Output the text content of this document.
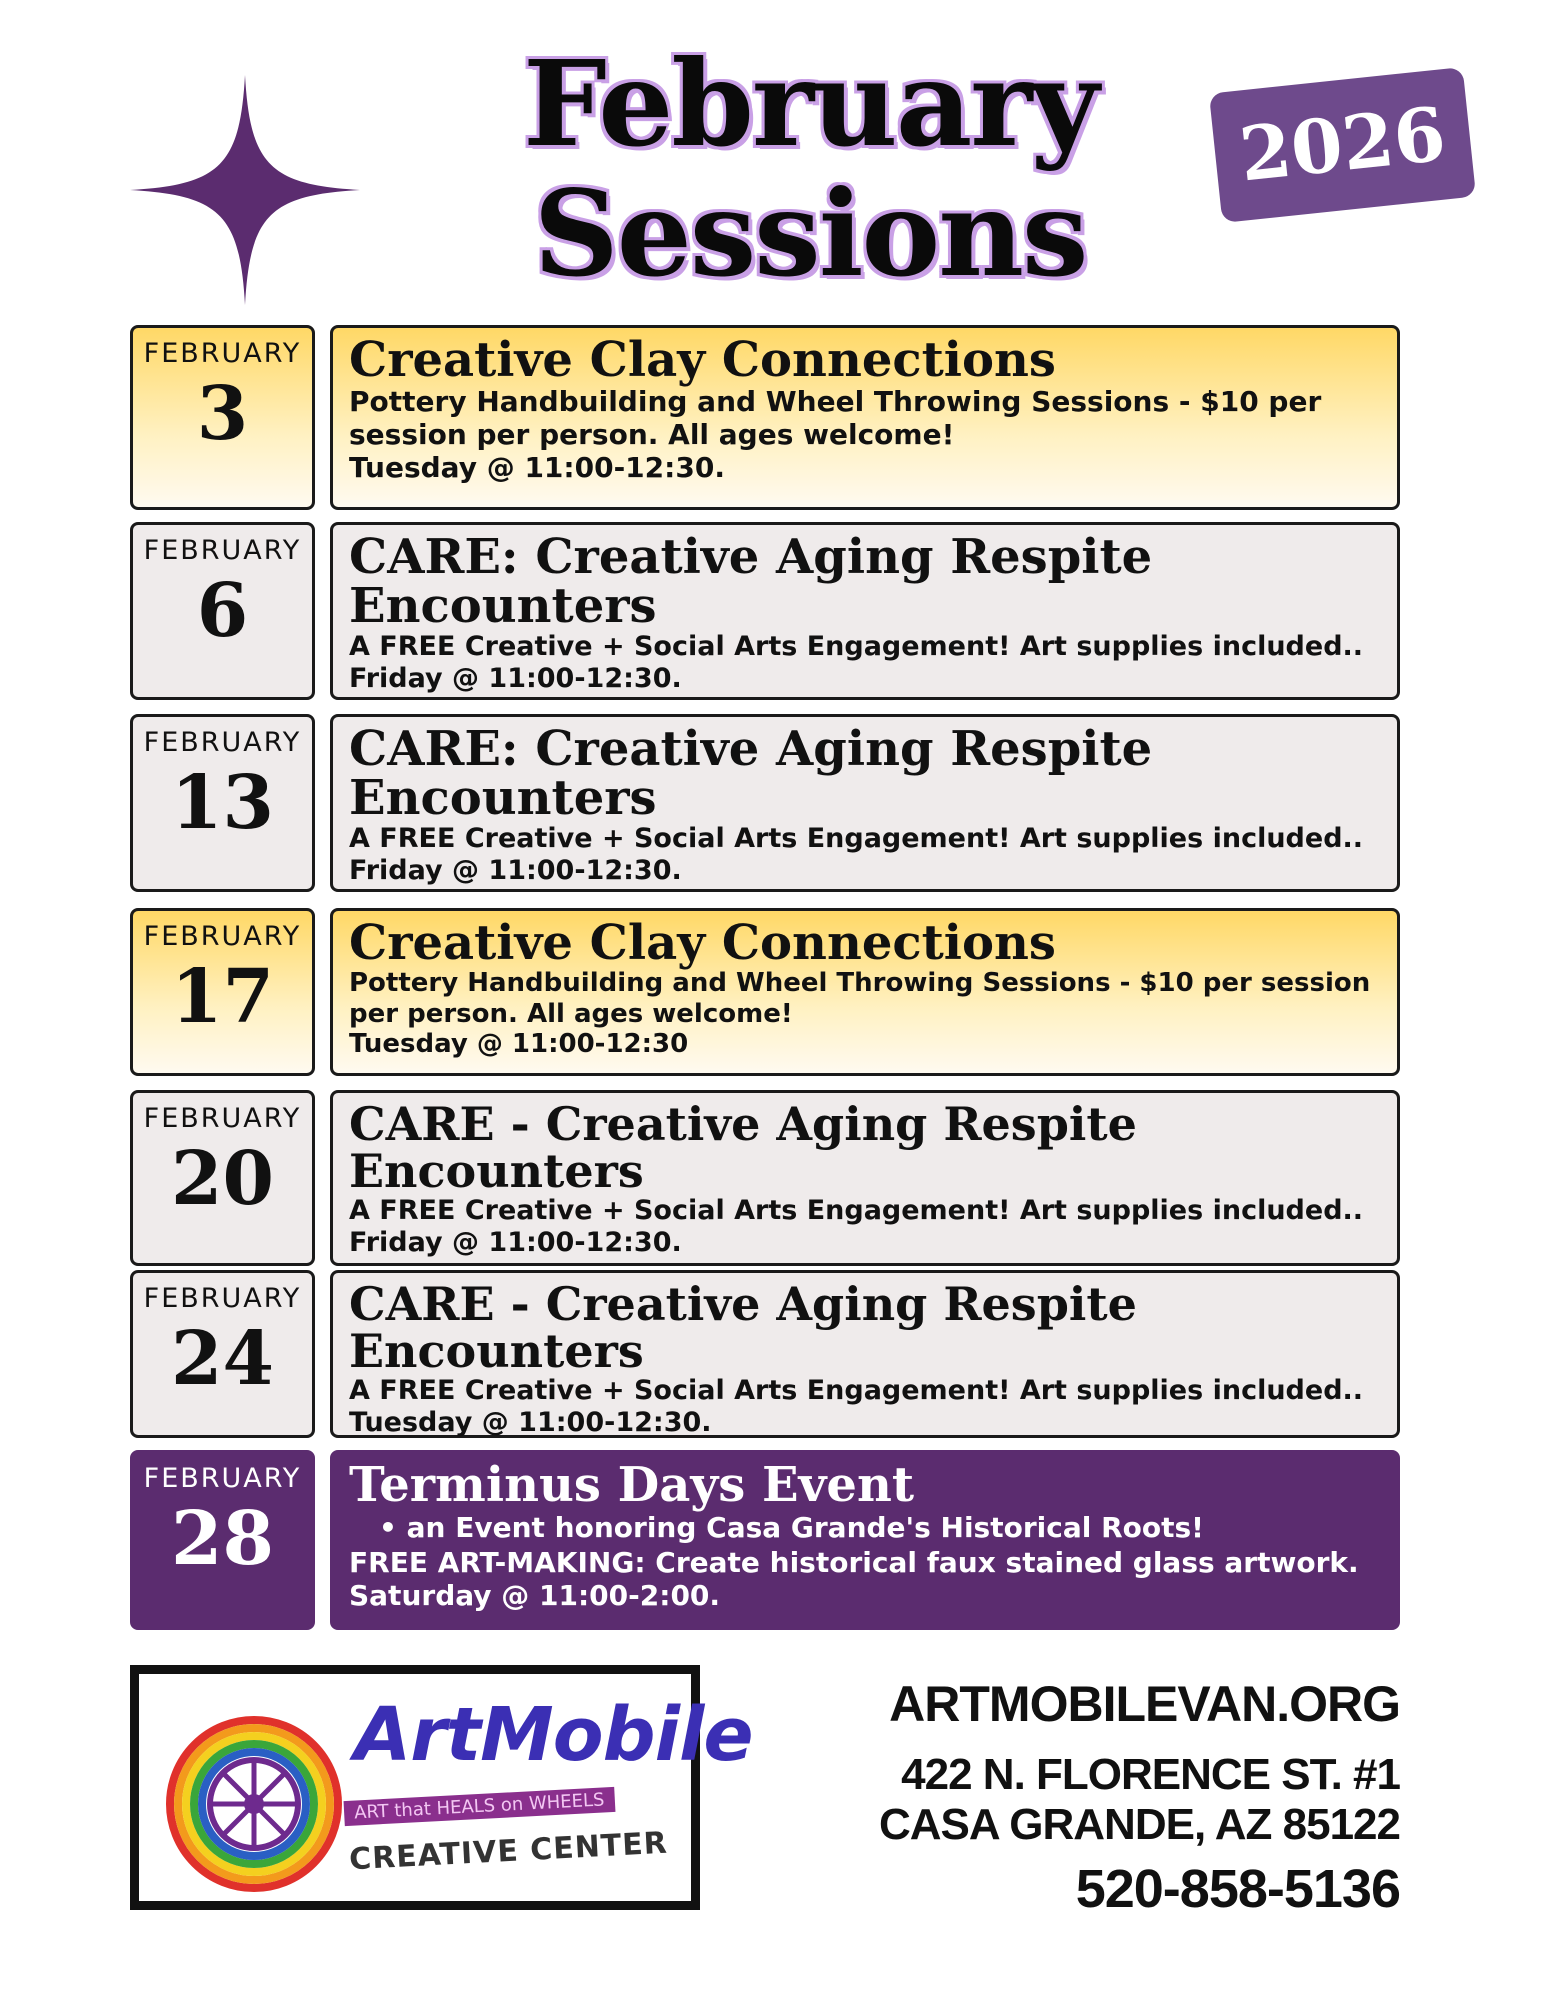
February
Sessions
2026
FEBRUARY
3
Creative Clay Connections
Pottery Handbuilding and Wheel Throwing Sessions - $10 per session per person. All ages welcome!
Tuesday @ 11:00-12:30.
FEBRUARY
6
CARE: Creative Aging Respite Encounters
A FREE Creative + Social Arts Engagement! Art supplies included..
Friday @ 11:00-12:30.
FEBRUARY
13
CARE: Creative Aging Respite Encounters
A FREE Creative + Social Arts Engagement! Art supplies included..
Friday @ 11:00-12:30.
FEBRUARY
17
Creative Clay Connections
Pottery Handbuilding and Wheel Throwing Sessions - $10 per session per person. All ages welcome!
Tuesday @ 11:00-12:30
FEBRUARY
20
CARE - Creative Aging Respite Encounters
A FREE Creative + Social Arts Engagement! Art supplies included..
Friday @ 11:00-12:30.
FEBRUARY
24
CARE - Creative Aging Respite Encounters
A FREE Creative + Social Arts Engagement! Art supplies included..
Tuesday @ 11:00-12:30.
FEBRUARY
28
Terminus Days Event
• an Event honoring Casa Grande's Historical Roots!
FREE ART-MAKING: Create historical faux stained glass artwork.
Saturday @ 11:00-2:00.
ArtMobile
ART that HEALS on WHEELS
CREATIVE CENTER
ARTMOBILEVAN.ORG
422 N. FLORENCE ST. #1
CASA GRANDE, AZ 85122
520-858-5136
